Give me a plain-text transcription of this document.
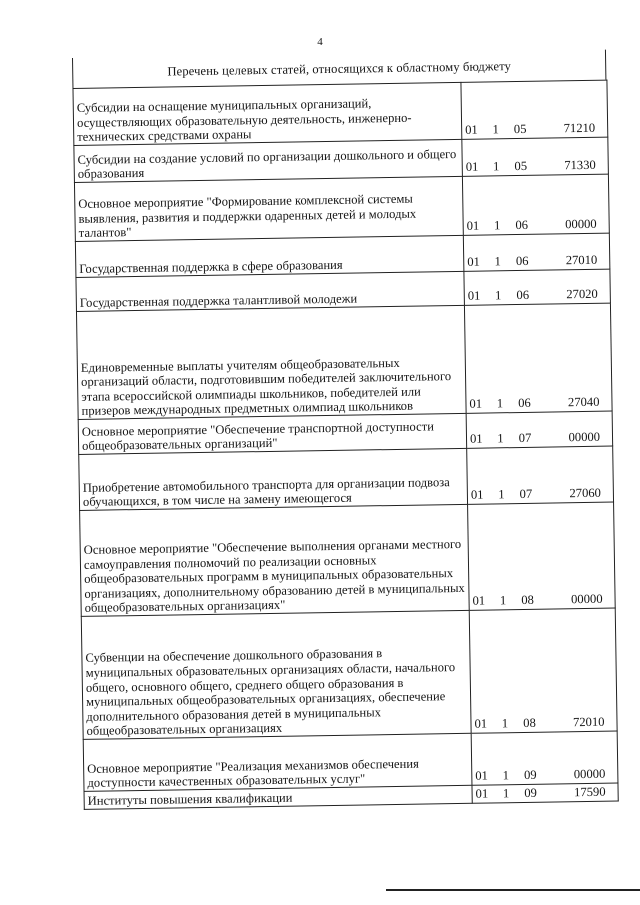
4
Перечень целевых статей, относящихся к областному бюджету
Субсидии на оснащение муниципальных организаций, осуществляющих образовательную деятельность, инженерно-технических средствами охраны	01 1 05 71210
Субсидии на создание условий по организации дошкольного и общего образования	01 1 05 71330
Основное мероприятие "Формирование комплексной системы выявления, развития и поддержки одаренных детей и молодых талантов"	01 1 06 00000
Государственная поддержка в сфере образования	01 1 06 27010
Государственная поддержка талантливой молодежи	01 1 06 27020
Единовременные выплаты учителям общеобразовательных организаций области, подготовившим победителей заключительного этапа всероссийской олимпиады школьников, победителей или призеров международных предметных олимпиад школьников	01 1 06 27040
Основное мероприятие "Обеспечение транспортной доступности общеобразовательных организаций"	01 1 07 00000
Приобретение автомобильного транспорта для организации подвоза обучающихся, в том числе на замену имеющегося	01 1 07 27060
Основное мероприятие "Обеспечение выполнения органами местного самоуправления полномочий по реализации основных общеобразовательных программ в муниципальных образовательных организациях, дополнительному образованию детей в муниципальных общеобразовательных организациях"	01 1 08 00000
Субвенции на обеспечение дошкольного образования в муниципальных образовательных организациях области, начального общего, основного общего, среднего общего образования в муниципальных общеобразовательных организациях, обеспечение дополнительного образования детей в муниципальных общеобразовательных организациях	01 1 08 72010
Основное мероприятие "Реализация механизмов обеспечения доступности качественных образовательных услуг"	01 1 09 00000
Институты повышения квалификации	01 1 09 17590
